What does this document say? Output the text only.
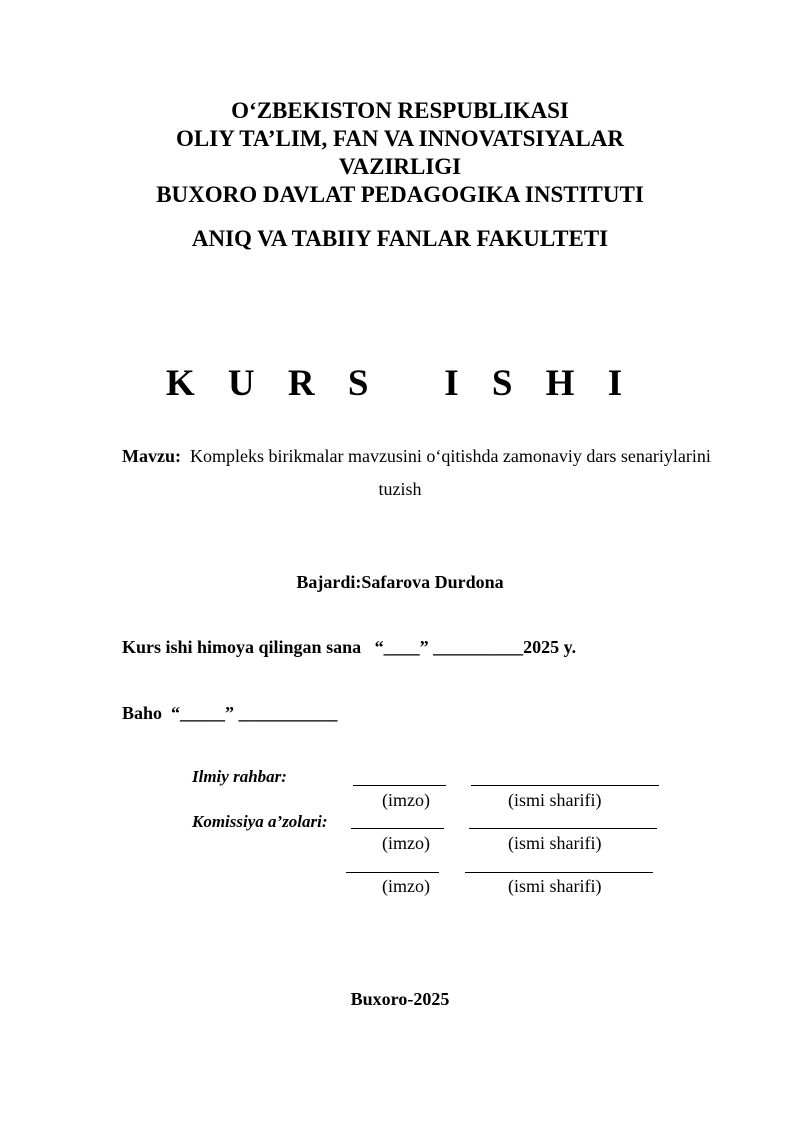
O‘ZBEKISTON RESPUBLIKASI
OLIY TA’LIM, FAN VA INNOVATSIYALAR
VAZIRLIGI
BUXORO DAVLAT PEDAGOGIKA INSTITUTI
ANIQ VA TABIIY FANLAR FAKULTETI
K U R S   I S H I
Mavzu: Kompleks birikmalar mavzusini o‘qitishda zamonaviy dars senariylarini
tuzish
Bajardi:Safarova Durdona
Kurs ishi himoya qilingan sana “____” __________2025 y.
Baho “_____” ___________
Ilmiy rahbar:
(imzo)	(ismi sharifi)
Komissiya a’zolari:
(imzo)	(ismi sharifi)
(imzo)	(ismi sharifi)
Buxoro-2025
